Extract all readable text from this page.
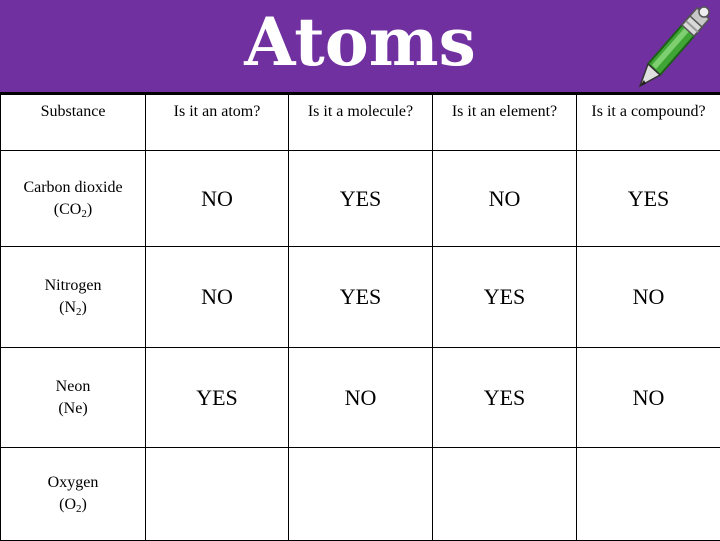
Atoms
Substance	Is it an atom?	Is it a molecule?	Is it an element?	Is it a compound?

Carbon dioxide
$(CO_2)$	NO	YES	NO	YES

Nitrogen
$(N_2)$	NO	YES	YES	NO

Neon
(Ne)	YES	NO	YES	NO

Oxygen
$(O_2)$				
